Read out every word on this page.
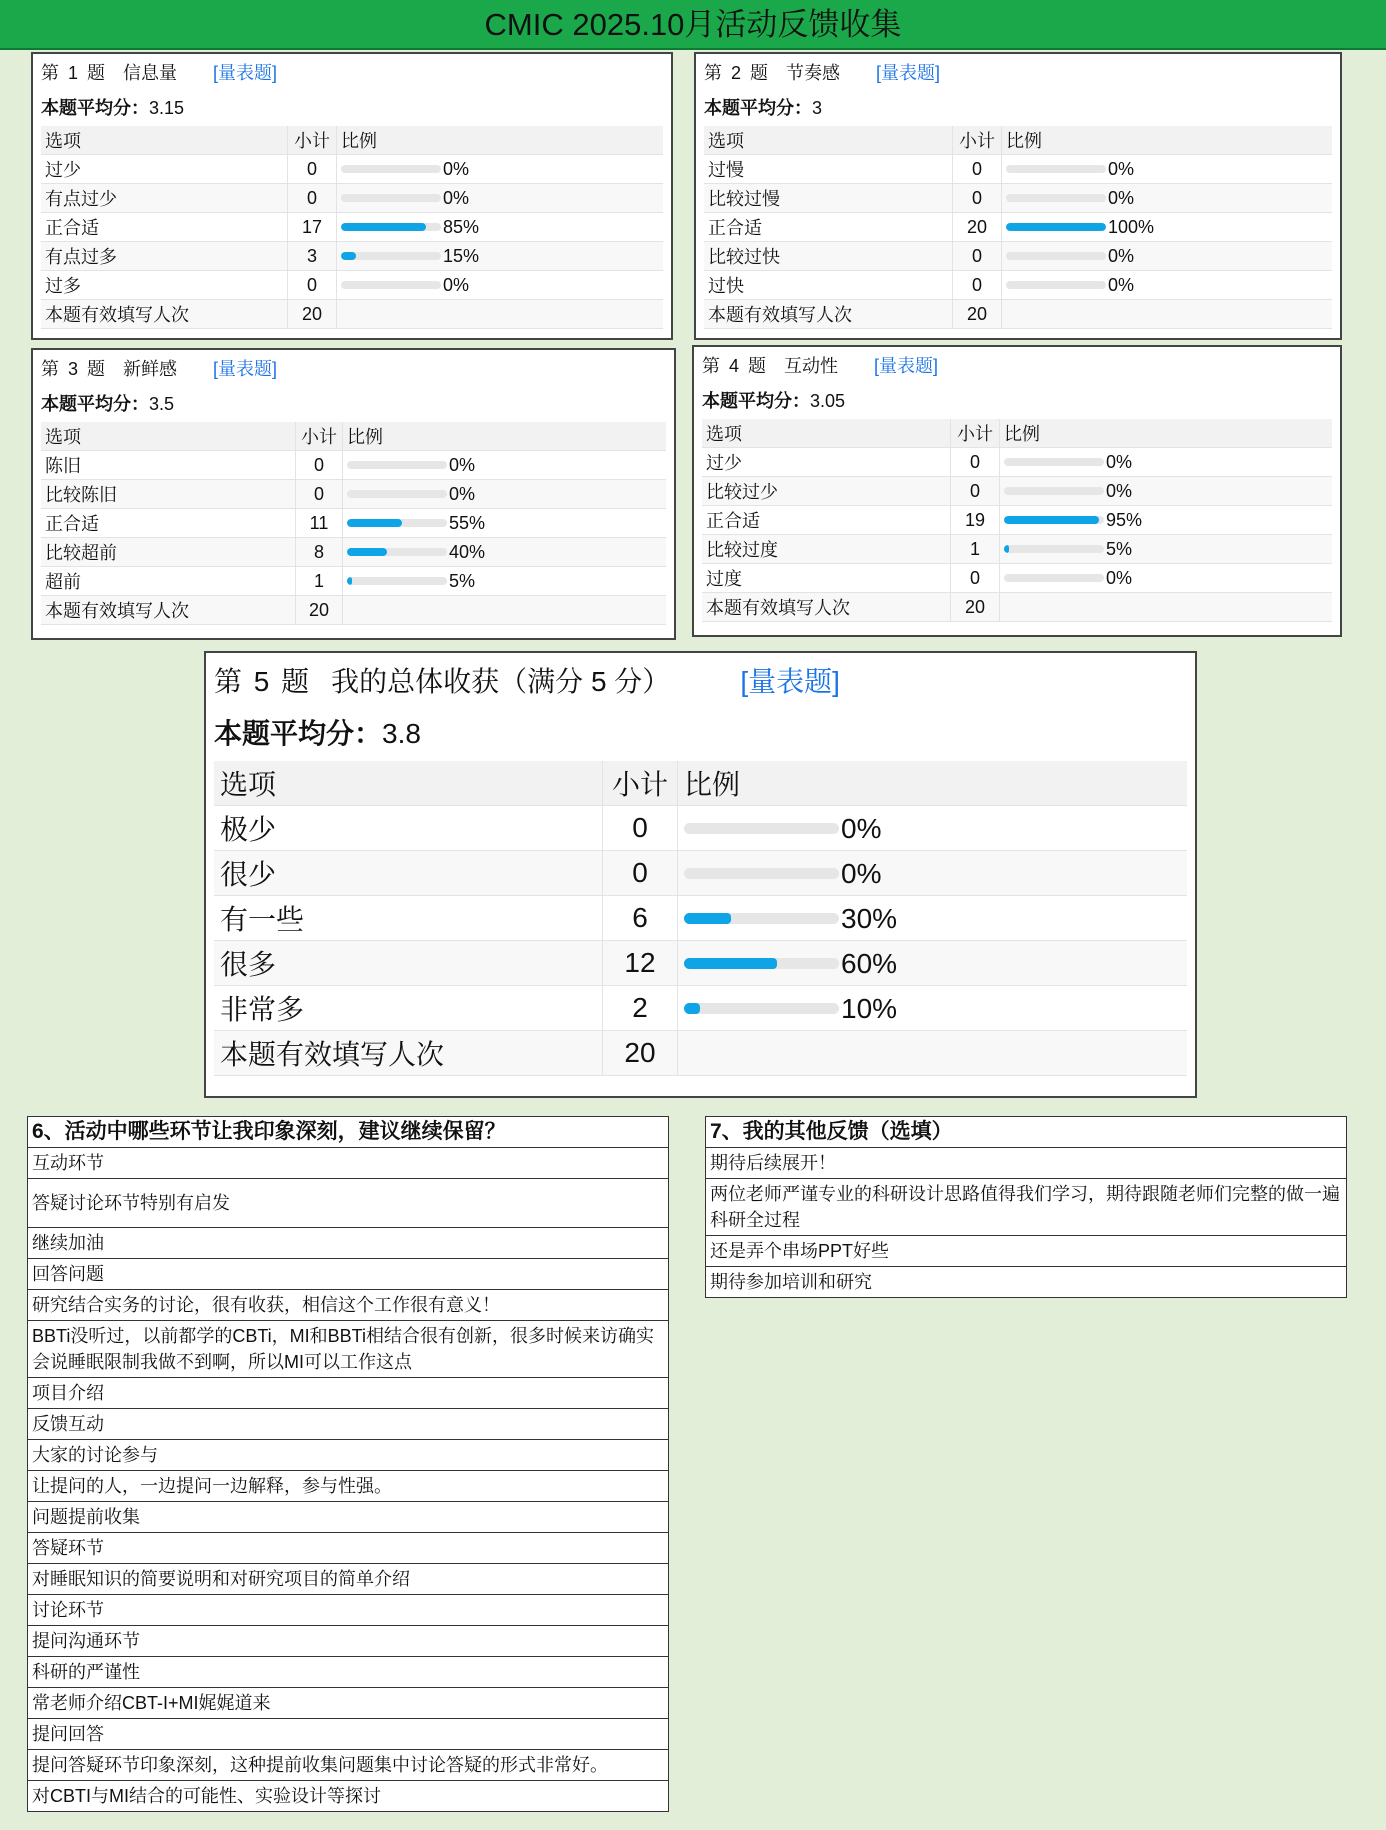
CMIC 2025.10月活动反馈收集
第 1 题 信息量 [量表题]
本题平均分：3.15
选项	小计	比例
过少	0	0%
有点过少	0	0%
正合适	17	85%
有点过多	3	15%
过多	0	0%
本题有效填写人次	20	
第 2 题 节奏感 [量表题]
本题平均分：3
选项	小计	比例
过慢	0	0%
比较过慢	0	0%
正合适	20	100%
比较过快	0	0%
过快	0	0%
本题有效填写人次	20	
第 3 题 新鲜感 [量表题]
本题平均分：3.5
选项	小计	比例
陈旧	0	0%
比较陈旧	0	0%
正合适	11	55%
比较超前	8	40%
超前	1	5%
本题有效填写人次	20	
第 4 题 互动性 [量表题]
本题平均分：3.05
选项	小计	比例
过少	0	0%
比较过少	0	0%
正合适	19	95%
比较过度	1	5%
过度	0	0%
本题有效填写人次	20	
第 5 题 我的总体收获（满分 5 分）	[量表题]
本题平均分：3.8
选项	小计	比例
极少	0	0%
很少	0	0%
有一些	6	30%
很多	12	60%
非常多	2	10%
本题有效填写人次	20	
6、活动中哪些环节让我印象深刻，建议继续保留？
互动环节
答疑讨论环节特别有启发
继续加油
回答问题
研究结合实务的讨论，很有收获，相信这个工作很有意义！
BBTi没听过，以前都学的CBTi，MI和BBTi相结合很有创新，很多时候来访确实会说睡眠限制我做不到啊，所以MI可以工作这点
项目介绍
反馈互动
大家的讨论参与
让提问的人，一边提问一边解释，参与性强。
问题提前收集
答疑环节
对睡眠知识的简要说明和对研究项目的简单介绍
讨论环节
提问沟通环节
科研的严谨性
常老师介绍CBT-I+MI娓娓道来
提问回答
提问答疑环节印象深刻，这种提前收集问题集中讨论答疑的形式非常好。
对CBTI与MI结合的可能性、实验设计等探讨
7、我的其他反馈（选填）
期待后续展开！
两位老师严谨专业的科研设计思路值得我们学习，期待跟随老师们完整的做一遍科研全过程
还是弄个串场PPT好些
期待参加培训和研究
